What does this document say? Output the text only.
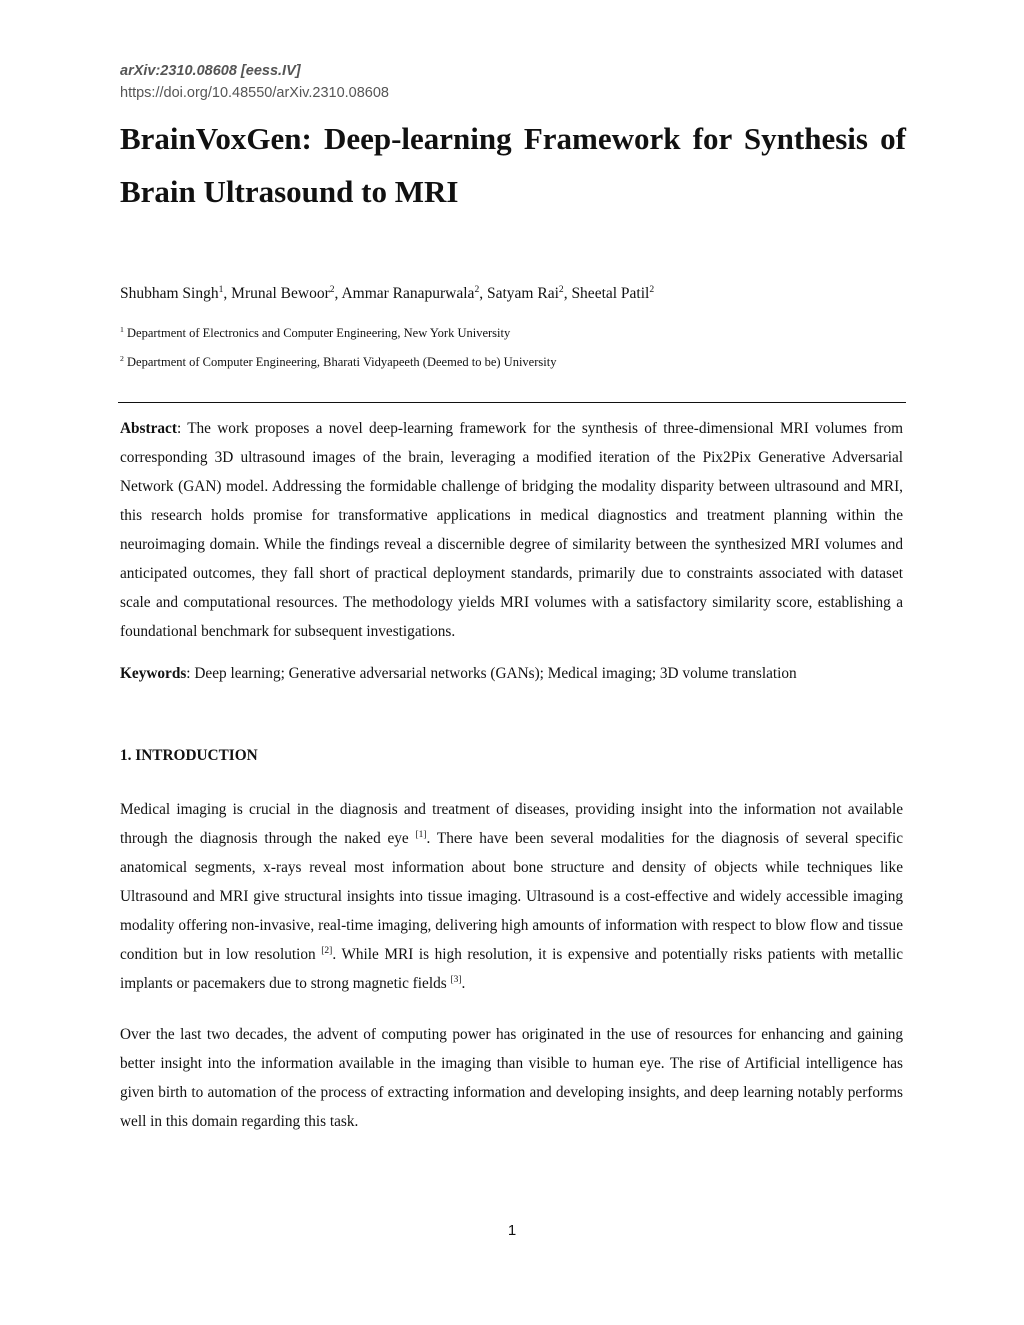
arXiv:2310.08608 [eess.IV]
https://doi.org/10.48550/arXiv.2310.08608
BrainVoxGen: Deep-learning Framework for Synthesis of Brain Ultrasound to MRI
Shubham Singh$^1$, Mrunal Bewoor$^2$, Ammar Ranapurwala$^2$, Satyam Rai$^2$, Sheetal Patil$^2$
$^1$ Department of Electronics and Computer Engineering, New York University
$^2$ Department of Computer Engineering, Bharati Vidyapeeth (Deemed to be) University

Abstract: The work proposes a novel deep-learning framework for the synthesis of three-dimensional MRI volumes from corresponding 3D ultrasound images of the brain, leveraging a modified iteration of the Pix2Pix Generative Adversarial Network (GAN) model. Addressing the formidable challenge of bridging the modality disparity between ultrasound and MRI, this research holds promise for transformative applications in medical diagnostics and treatment planning within the neuroimaging domain. While the findings reveal a discernible degree of similarity between the synthesized MRI volumes and anticipated outcomes, they fall short of practical deployment standards, primarily due to constraints associated with dataset scale and computational resources. The methodology yields MRI volumes with a satisfactory similarity score, establishing a foundational benchmark for subsequent investigations.

Keywords: Deep learning; Generative adversarial networks (GANs); Medical imaging; 3D volume translation

1. INTRODUCTION

Medical imaging is crucial in the diagnosis and treatment of diseases, providing insight into the information not available through the diagnosis through the naked eye [1]. There have been several modalities for the diagnosis of several specific anatomical segments, x-rays reveal most information about bone structure and density of objects while techniques like Ultrasound and MRI give structural insights into tissue imaging. Ultrasound is a cost-effective and widely accessible imaging modality offering non-invasive, real-time imaging, delivering high amounts of information with respect to blow flow and tissue condition but in low resolution [2]. While MRI is high resolution, it is expensive and potentially risks patients with metallic implants or pacemakers due to strong magnetic fields [3].

Over the last two decades, the advent of computing power has originated in the use of resources for enhancing and gaining better insight into the information available in the imaging than visible to human eye. The rise of Artificial intelligence has given birth to automation of the process of extracting information and developing insights, and deep learning notably performs well in this domain regarding this task.

1
